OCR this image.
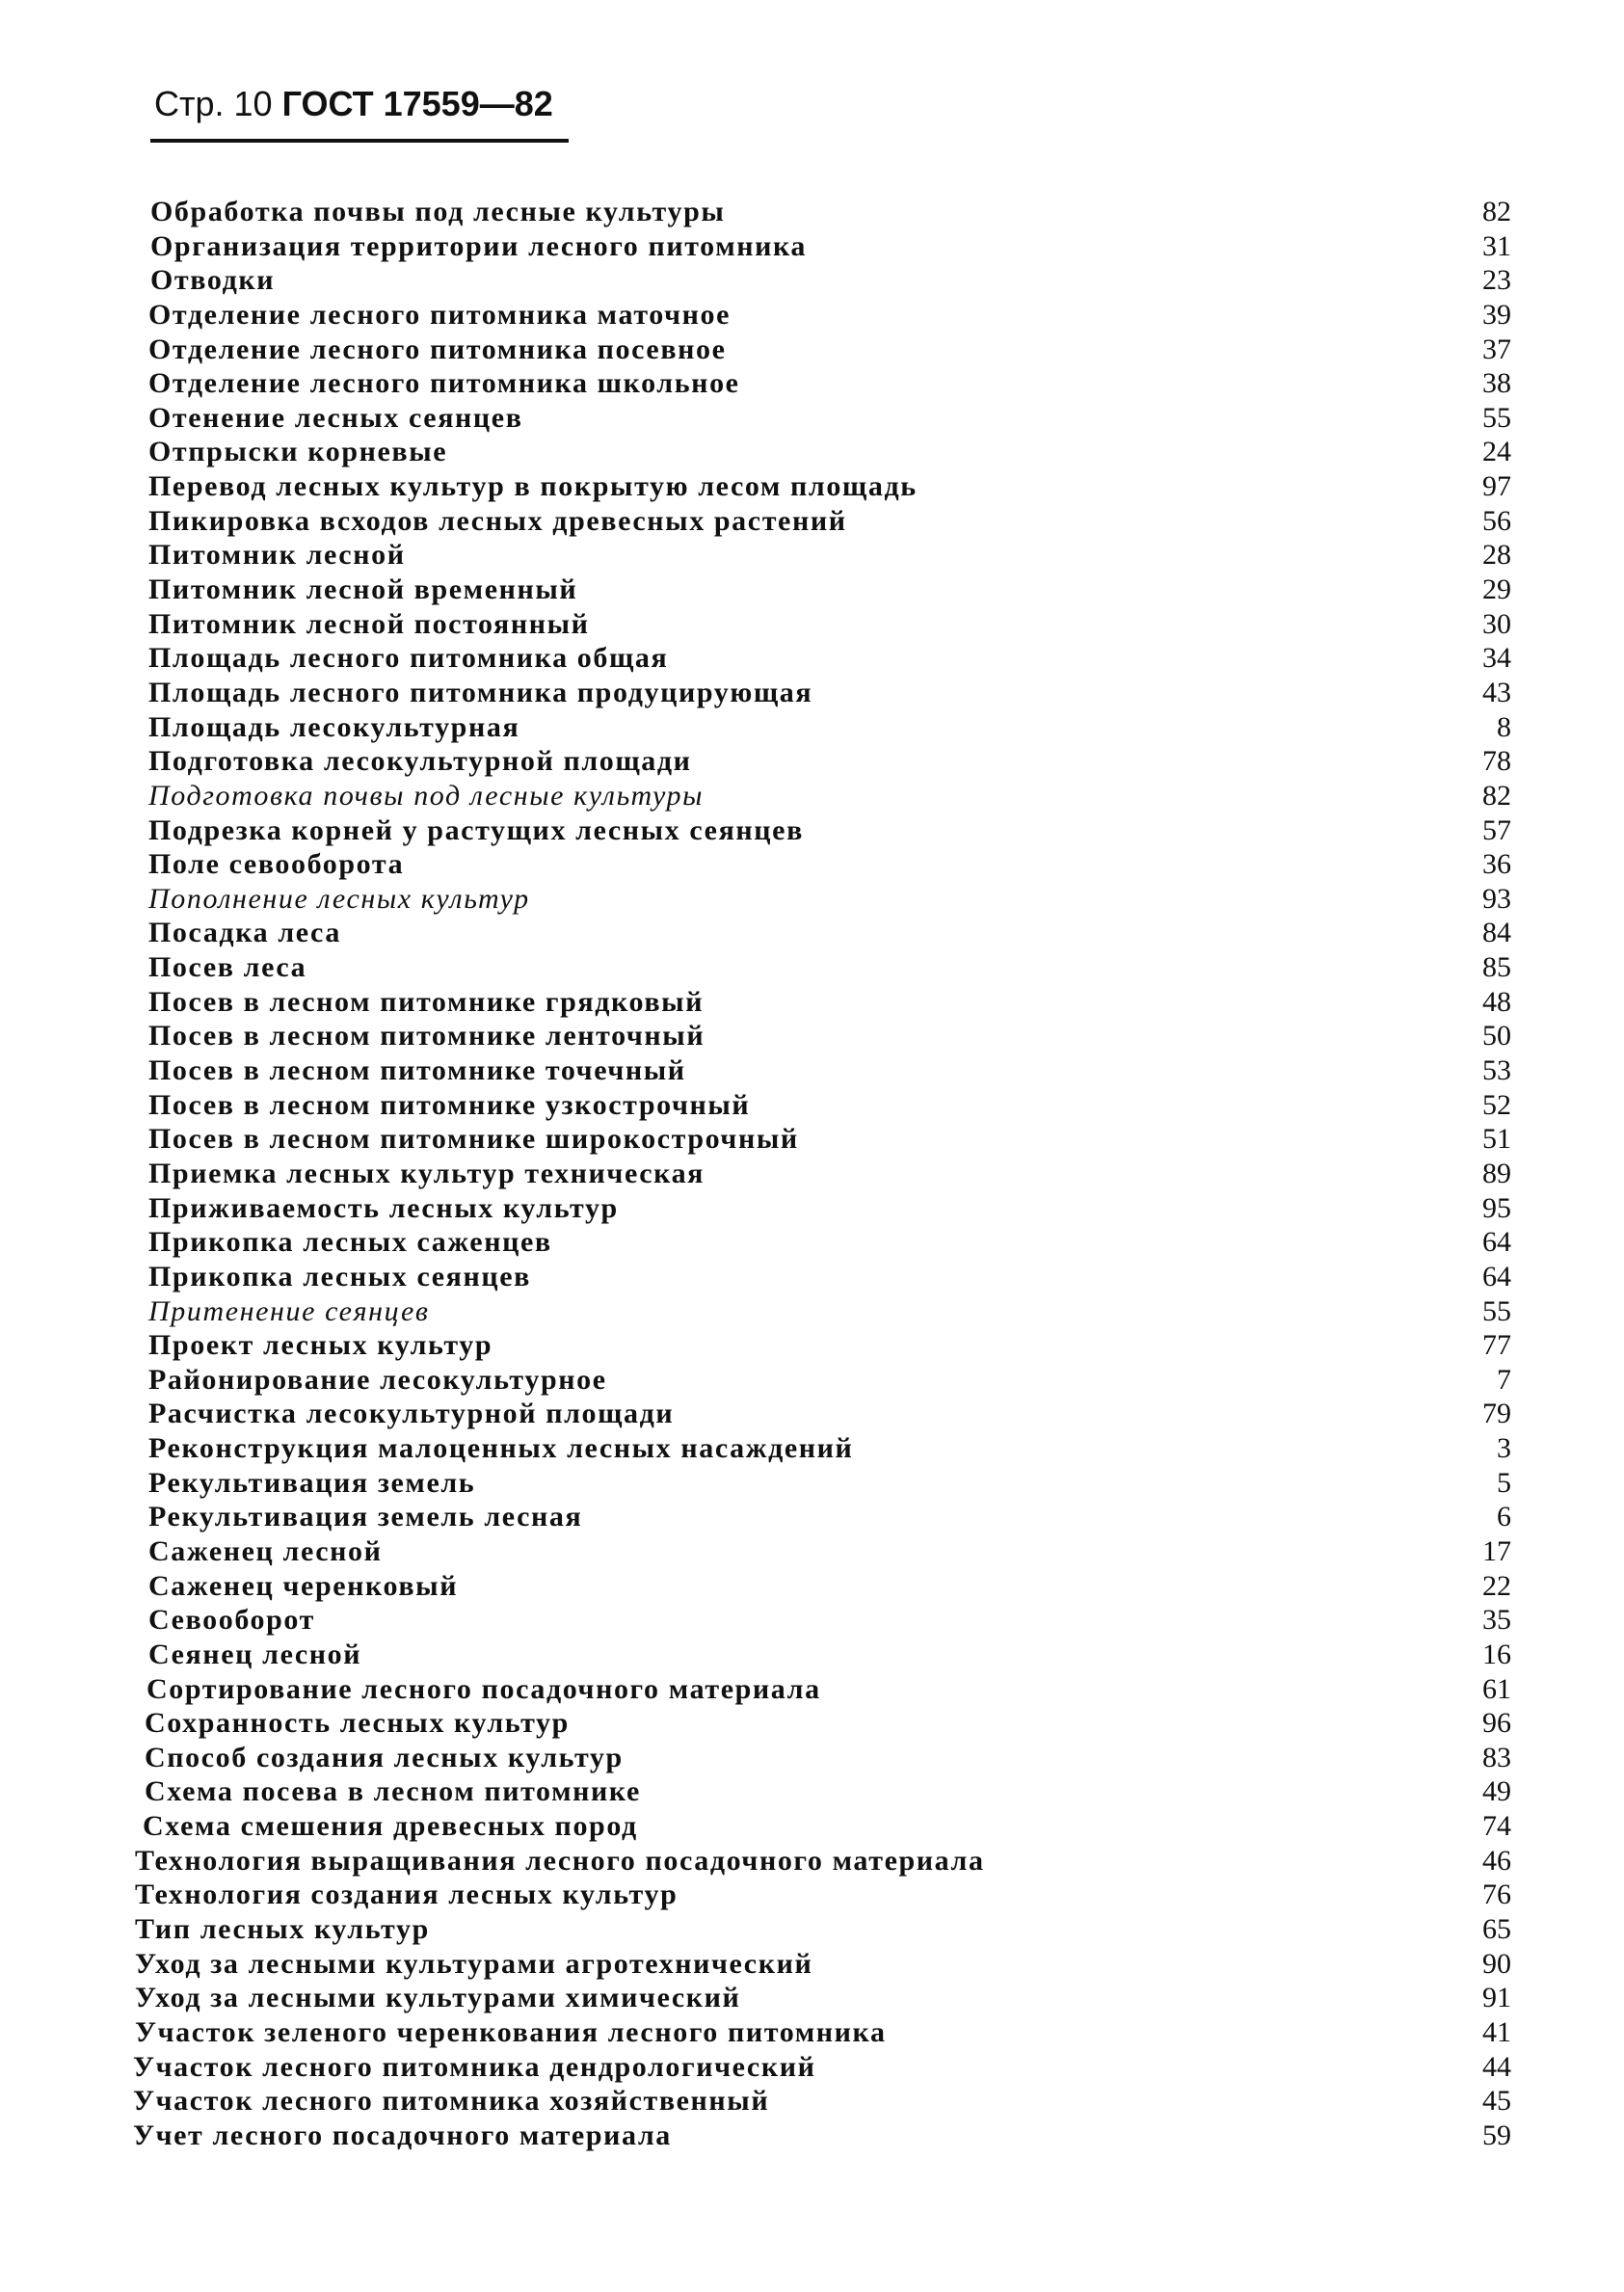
Стр. 10 ГОСТ 17559—82
Обработка почвы под лесные культуры	82
Организация территории лесного питомника	31
Отводки	23
Отделение лесного питомника маточное	39
Отделение лесного питомника посевное	37
Отделение лесного питомника школьное	38
Отенение лесных сеянцев	55
Отпрыски корневые	24
Перевод лесных культур в покрытую лесом площадь	97
Пикировка всходов лесных древесных растений	56
Питомник лесной	28
Питомник лесной временный	29
Питомник лесной постоянный	30
Площадь лесного питомника общая	34
Площадь лесного питомника продуцирующая	43
Площадь лесокультурная	8
Подготовка лесокультурной площади	78
Подготовка почвы под лесные культуры	82
Подрезка корней у растущих лесных сеянцев	57
Поле севооборота	36
Пополнение лесных культур	93
Посадка леса	84
Посев леса	85
Посев в лесном питомнике грядковый	48
Посев в лесном питомнике ленточный	50
Посев в лесном питомнике точечный	53
Посев в лесном питомнике узкострочный	52
Посев в лесном питомнике широкострочный	51
Приемка лесных культур техническая	89
Приживаемость лесных культур	95
Прикопка лесных саженцев	64
Прикопка лесных сеянцев	64
Притенение сеянцев	55
Проект лесных культур	77
Районирование лесокультурное	7
Расчистка лесокультурной площади	79
Реконструкция малоценных лесных насаждений	3
Рекультивация земель	5
Рекультивация земель лесная	6
Саженец лесной	17
Саженец черенковый	22
Севооборот	35
Сеянец лесной	16
Сортирование лесного посадочного материала	61
Сохранность лесных культур	96
Способ создания лесных культур	83
Схема посева в лесном питомнике	49
Схема смешения древесных пород	74
Технология выращивания лесного посадочного материала	46
Технология создания лесных культур	76
Тип лесных культур	65
Уход за лесными культурами агротехнический	90
Уход за лесными культурами химический	91
Участок зеленого черенкования лесного питомника	41
Участок лесного питомника дендрологический	44
Участок лесного питомника хозяйственный	45
Учет лесного посадочного материала	59
